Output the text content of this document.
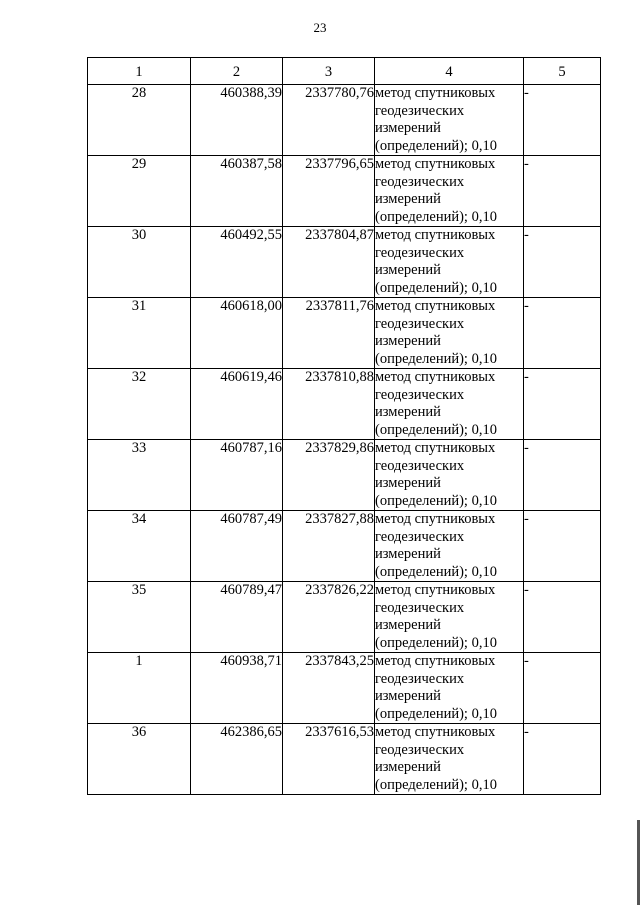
23
1	2	3	4	5
28	460388,39	2337780,76	метод спутниковых
геодезических
измерений
(определений); 0,10	-
29	460387,58	2337796,65	метод спутниковых
геодезических
измерений
(определений); 0,10	-
30	460492,55	2337804,87	метод спутниковых
геодезических
измерений
(определений); 0,10	-
31	460618,00	2337811,76	метод спутниковых
геодезических
измерений
(определений); 0,10	-
32	460619,46	2337810,88	метод спутниковых
геодезических
измерений
(определений); 0,10	-
33	460787,16	2337829,86	метод спутниковых
геодезических
измерений
(определений); 0,10	-
34	460787,49	2337827,88	метод спутниковых
геодезических
измерений
(определений); 0,10	-
35	460789,47	2337826,22	метод спутниковых
геодезических
измерений
(определений); 0,10	-
1	460938,71	2337843,25	метод спутниковых
геодезических
измерений
(определений); 0,10	-
36	462386,65	2337616,53	метод спутниковых
геодезических
измерений
(определений); 0,10	-
